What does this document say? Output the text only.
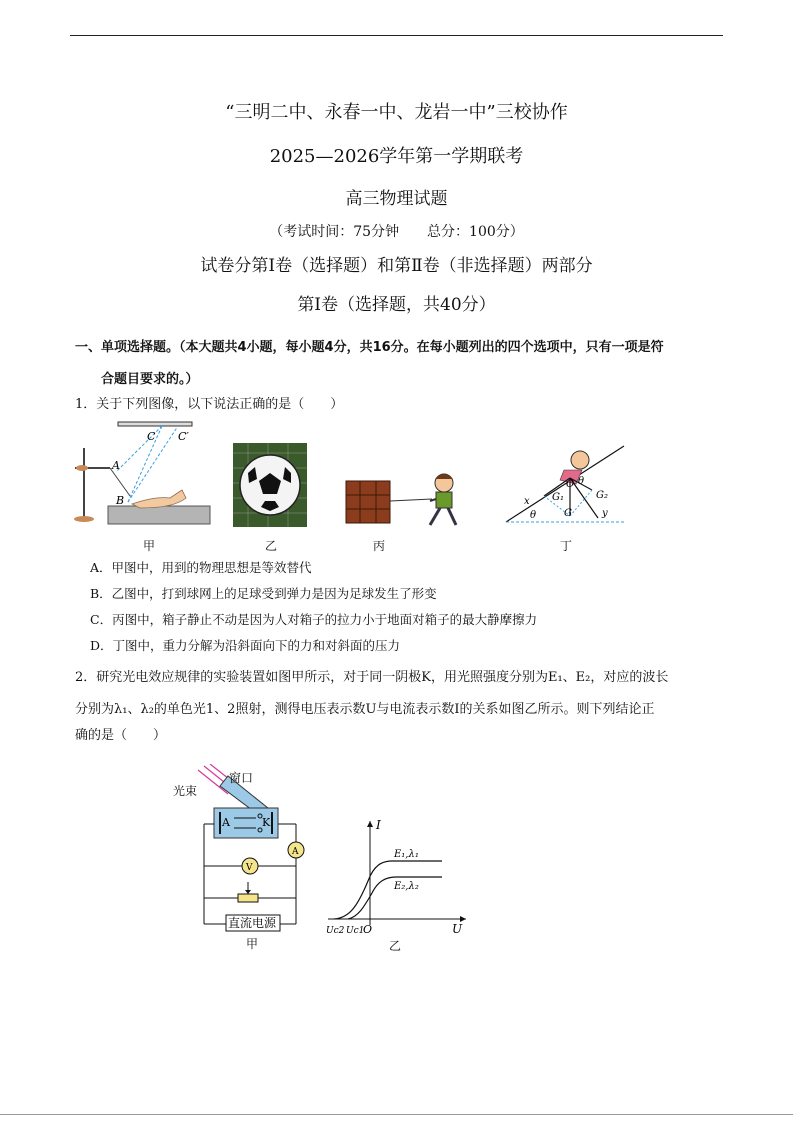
“三明二中、永春一中、龙岩一中”三校协作
2025—2026学年第一学期联考
高三物理试题
（考试时间：75分钟　　总分：100分）
试卷分第Ⅰ卷（选择题）和第Ⅱ卷（非选择题）两部分
第Ⅰ卷（选择题，共40分）
一、单项选择题。（本大题共4小题，每小题4分，共16分。在每小题列出的四个选项中，只有一项是符
合题目要求的。）
1．关于下列图像，以下说法正确的是（　　）
C C′
A
B
O θ
G
G₁	G₂
x
y
θ
甲	乙	丙	丁
A．甲图中，用到的物理思想是等效替代
B．乙图中，打到球网上的足球受到弹力是因为足球发生了形变
C．丙图中，箱子静止不动是因为人对箱子的拉力小于地面对箱子的最大静摩擦力
D．丁图中，重力分解为沿斜面向下的力和对斜面的压力
2．研究光电效应规律的实验装置如图甲所示，对于同一阴极K，用光照强度分别为E₁、E₂，对应的波长
分别为λ₁、λ₂的单色光1、2照射，测得电压表示数U与电流表示数I的关系如图乙所示。则下列结论正
确的是（　　）
A	K
A
V
直流电源
光束
窗口
甲
I
U
O
E₁,λ₁
E₂,λ₂
Uc2 Uc1
乙
